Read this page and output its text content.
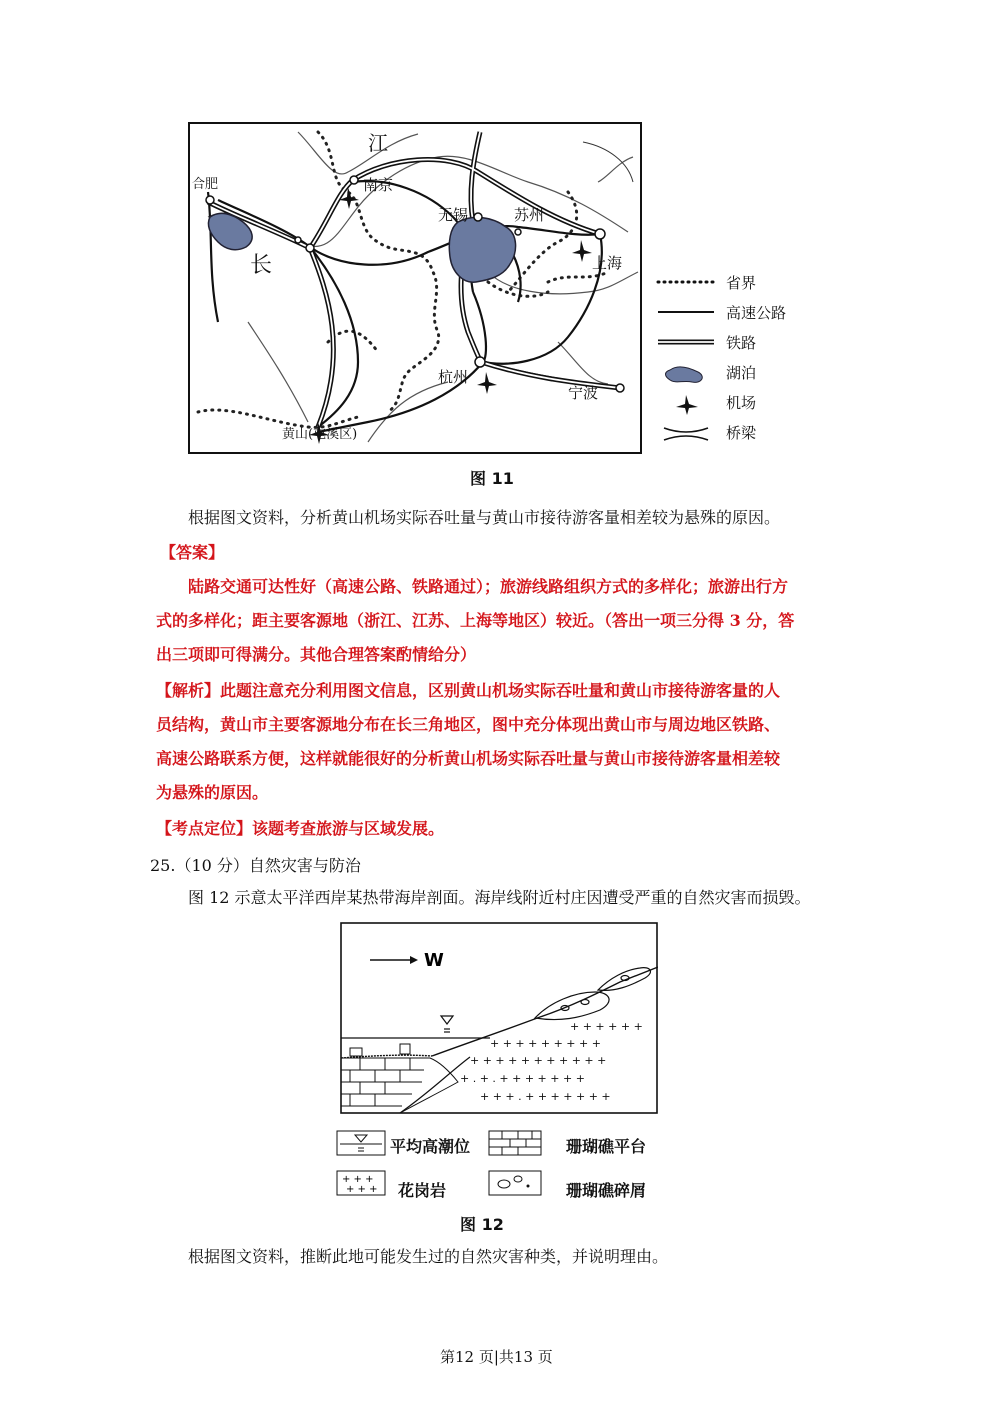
江
长
南京
合肥
无锡	苏州
上海
杭州
宁波
黄山(屯溪区)
省界
高速公路
铁路
湖泊
机场
桥梁
图 11
根据图文资料，分析黄山机场实际吞吐量与黄山市接待游客量相差较为悬殊的原因。
【答案】
陆路交通可达性好（高速公路、铁路通过）；旅游线路组织方式的多样化；旅游出行方
式的多样化；距主要客源地（浙江、江苏、上海等地区）较近。（答出一项三分得 3 分，答
出三项即可得满分。其他合理答案酌情给分）
【解析】此题注意充分利用图文信息，区别黄山机场实际吞吐量和黄山市接待游客量的人
员结构，黄山市主要客源地分布在长三角地区，图中充分体现出黄山市与周边地区铁路、
高速公路联系方便，这样就能很好的分析黄山机场实际吞吐量与黄山市接待游客量相差较
为悬殊的原因。
【考点定位】该题考查旅游与区域发展。
25.（10 分）自然灾害与防治
图 12 示意太平洋西岸某热带海岸剖面。海岸线附近村庄因遭受严重的自然灾害而损毁。
W
+ + + + + + + + +
+ + + + + + + + + + +
+ . + . + + + + + + +
+ + + . + + + + + + +
+ + + + + +
平均高潮位	珊瑚礁平台
+ + +
+ + + 花岗岩	珊瑚礁碎屑
图 12
根据图文资料，推断此地可能发生过的自然灾害种类，并说明理由。
第12 页|共13 页
